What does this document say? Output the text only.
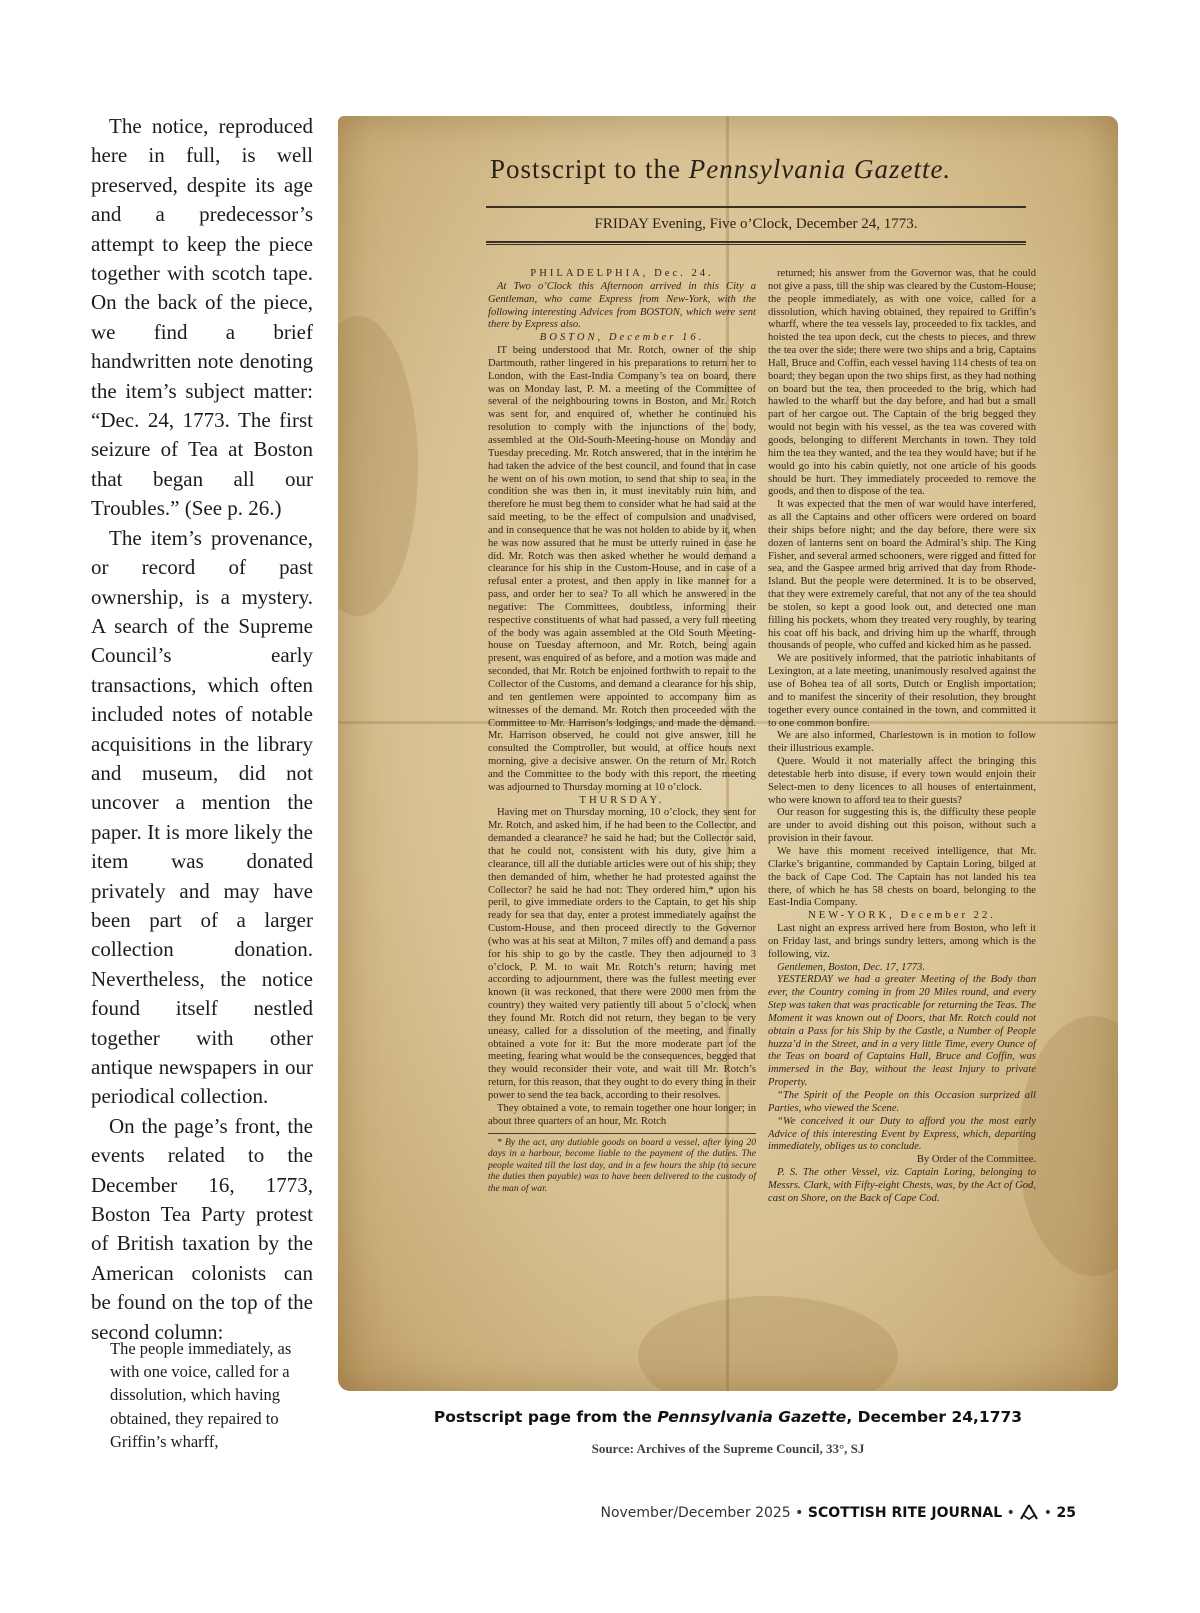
The notice, reproduced here in full, is well preserved, despite its age and a predecessor’s attempt to keep the piece together with scotch tape. On the back of the piece, we find a brief handwritten note denoting the item’s subject matter: “Dec. 24, 1773. The first seizure of Tea at Boston that began all our Troubles.” (See p. 26.)

The item’s provenance, or record of past ownership, is a mystery. A search of the Supreme Council’s early transactions, which often included notes of notable acquisitions in the library and museum, did not uncover a mention the paper. It is more likely the item was donated privately and may have been part of a larger collection donation. Nevertheless, the notice found itself nestled together with other antique newspapers in our periodical collection.

On the page’s front, the events related to the December 16, 1773, Boston Tea Party protest of British taxation by the American colonists can be found on the top of the second column:

The people immediately, as with one voice, called for a dissolution, which having obtained, they repaired to Griffin’s wharff,

Postscript to the Pennsylvania Gazette.
FRIDAY Evening, Five o’Clock, December 24, 1773.

PHILADELPHIA, Dec. 24.

At Two o’Clock this Afternoon arrived in this City a Gentleman, who came Express from New-York, with the following interesting Advices from BOSTON, which were sent there by Express also.

BOSTON, December 16.

IT being understood that Mr. Rotch, owner of the ship Dartmouth, rather lingered in his preparations to return her to London, with the East-India Company’s tea on board, there was on Monday last, P. M. a meeting of the Committee of several of the neighbouring towns in Boston, and Mr. Rotch was sent for, and enquired of, whether he continued his resolution to comply with the injunctions of the body, assembled at the Old-South-Meeting-house on Monday and Tuesday preceding. Mr. Rotch answered, that in the interim he had taken the advice of the best council, and found that in case he went on of his own motion, to send that ship to sea, in the condition she was then in, it must inevitably ruin him, and therefore he must beg them to consider what he had said at the said meeting, to be the effect of compulsion and unadvised, and in consequence that he was not holden to abide by it, when he was now assured that he must be utterly ruined in case he did. Mr. Rotch was then asked whether he would demand a clearance for his ship in the Custom-House, and in case of a refusal enter a protest, and then apply in like manner for a pass, and order her to sea? To all which he answered in the negative: The Committees, doubtless, informing their respective constituents of what had passed, a very full meeting of the body was again assembled at the Old South Meeting-house on Tuesday afternoon, and Mr. Rotch, being again present, was enquired of as before, and a motion was made and seconded, that Mr. Rotch be enjoined forthwith to repair to the Collector of the Customs, and demand a clearance for his ship, and ten gentlemen were appointed to accompany him as witnesses of the demand. Mr. Rotch then proceeded with the Committee to Mr. Harrison’s lodgings, and made the demand. Mr. Harrison observed, he could not give answer, till he consulted the Comptroller, but would, at office hours next morning, give a decisive answer. On the return of Mr. Rotch and the Committee to the body with this report, the meeting was adjourned to Thursday morning at 10 o’clock.

THURSDAY.

Having met on Thursday morning, 10 o’clock, they sent for Mr. Rotch, and asked him, if he had been to the Collector, and demanded a clearance? he said he had; but the Collector said, that he could not, consistent with his duty, give him a clearance, till all the dutiable articles were out of his ship; they then demanded of him, whether he had protested against the Collector? he said he had not: They ordered him,* upon his peril, to give immediate orders to the Captain, to get his ship ready for sea that day, enter a protest immediately against the Custom-House, and then proceed directly to the Governor (who was at his seat at Milton, 7 miles off) and demand a pass for his ship to go by the castle. They then adjourned to 3 o’clock, P. M. to wait Mr. Rotch’s return; having met according to adjournment, there was the fullest meeting ever known (it was reckoned, that there were 2000 men from the country) they waited very patiently till about 5 o’clock, when they found Mr. Rotch did not return, they began to be very uneasy, called for a dissolution of the meeting, and finally obtained a vote for it: But the more moderate part of the meeting, fearing what would be the consequences, begged that they would reconsider their vote, and wait till Mr. Rotch’s return, for this reason, that they ought to do every thing in their power to send the tea back, according to their resolves.

They obtained a vote, to remain together one hour longer; in about three quarters of an hour, Mr. Rotch

* By the act, any dutiable goods on board a vessel, after lying 20 days in a harbour, become liable to the payment of the duties. The people waited till the last day, and in a few hours the ship (to secure the duties then payable) was to have been delivered to the custody of the man of war.

returned; his answer from the Governor was, that he could not give a pass, till the ship was cleared by the Custom-House; the people immediately, as with one voice, called for a dissolution, which having obtained, they repaired to Griffin’s wharff, where the tea vessels lay, proceeded to fix tackles, and hoisted the tea upon deck, cut the chests to pieces, and threw the tea over the side; there were two ships and a brig, Captains Hall, Bruce and Coffin, each vessel having 114 chests of tea on board; they began upon the two ships first, as they had nothing on board but the tea, then proceeded to the brig, which had hawled to the wharff but the day before, and had but a small part of her cargoe out. The Captain of the brig begged they would not begin with his vessel, as the tea was covered with goods, belonging to different Merchants in town. They told him the tea they wanted, and the tea they would have; but if he would go into his cabin quietly, not one article of his goods should be hurt. They immediately proceeded to remove the goods, and then to dispose of the tea.

It was expected that the men of war would have interfered, as all the Captains and other officers were ordered on board their ships before night; and the day before, there were six dozen of lanterns sent on board the Admiral’s ship. The King Fisher, and several armed schooners, were rigged and fitted for sea, and the Gaspee armed brig arrived that day from Rhode-Island. But the people were determined. It is to be observed, that they were extremely careful, that not any of the tea should be stolen, so kept a good look out, and detected one man filling his pockets, whom they treated very roughly, by tearing his coat off his back, and driving him up the wharff, through thousands of people, who cuffed and kicked him as he passed.

We are positively informed, that the patriotic inhabitants of Lexington, at a late meeting, unanimously resolved against the use of Bohea tea of all sorts, Dutch or English importation; and to manifest the sincerity of their resolution, they brought together every ounce contained in the town, and committed it to one common bonfire.

We are also informed, Charlestown is in motion to follow their illustrious example.

Quere. Would it not materially affect the bringing this detestable herb into disuse, if every town would enjoin their Select-men to deny licences to all houses of entertainment, who were known to afford tea to their guests?

Our reason for suggesting this is, the difficulty these people are under to avoid dishing out this poison, without such a provision in their favour.

We have this moment received intelligence, that Mr. Clarke’s brigantine, commanded by Captain Loring, bilged at the back of Cape Cod. The Captain has not landed his tea there, of which he has 58 chests on board, belonging to the East-India Company.

NEW-YORK, December 22.

Last night an express arrived here from Boston, who left it on Friday last, and brings sundry letters, among which is the following, viz.

Gentlemen, Boston, Dec. 17, 1773.

YESTERDAY we had a greater Meeting of the Body than ever, the Country coming in from 20 Miles round, and every Step was taken that was practicable for returning the Teas. The Moment it was known out of Doors, that Mr. Rotch could not obtain a Pass for his Ship by the Castle, a Number of People huzza’d in the Street, and in a very little Time, every Ounce of the Teas on board of Captains Hall, Bruce and Coffin, was immersed in the Bay, without the least Injury to private Property.

“The Spirit of the People on this Occasion surprized all Parties, who viewed the Scene.

“We conceived it our Duty to afford you the most early Advice of this interesting Event by Express, which, departing immediately, obliges us to conclude.

By Order of the Committee.

P. S. The other Vessel, viz. Captain Loring, belonging to Messrs. Clark, with Fifty-eight Chests, was, by the Act of God, cast on Shore, on the Back of Cape Cod.

Postscript page from the Pennsylvania Gazette, December 24,1773
Source: Archives of the Supreme Council, 33°, SJ
November/December 2025 • SCOTTISH RITE JOURNAL • • 25
